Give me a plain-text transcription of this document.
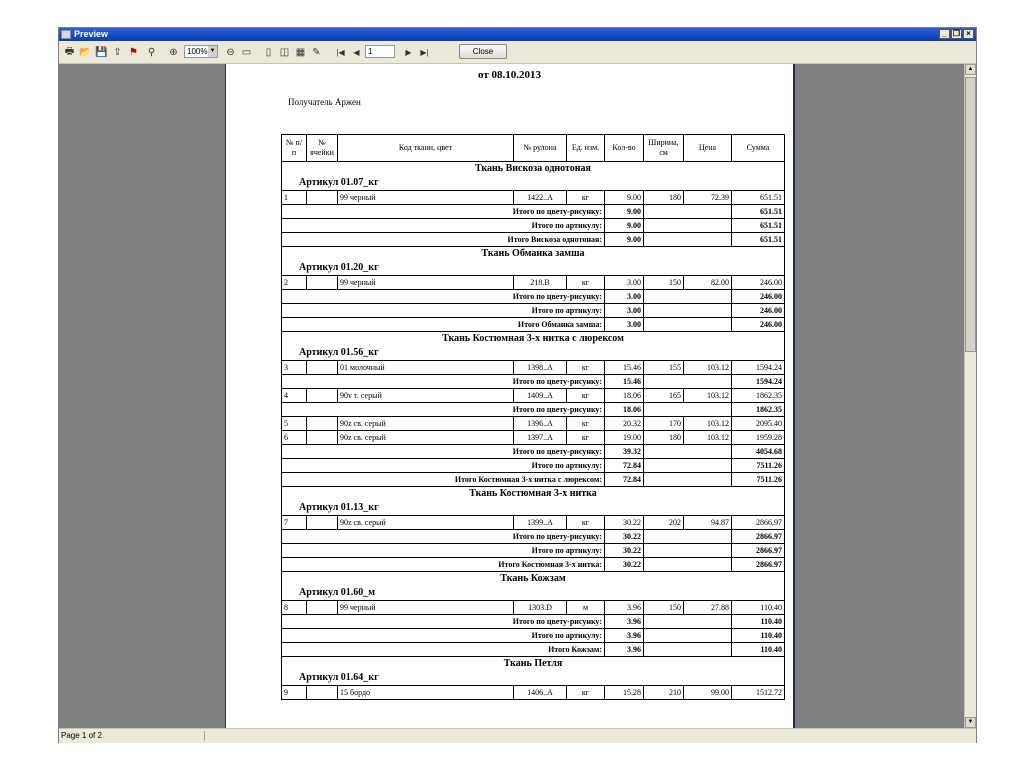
Preview	_ ❐ ×
🖶 📂 💾 ⇪ ⚑ ⚲ ⊕	100% ▼ ⊖ ▭	▯ ◫ ▦ ✎ |◀	◀	1	▶	▶|	Close
от 08.10.2013
Получатель Аржен
№ п/п	№ ячейки	Код ткани, цвет	№ рулона	Ед. изм.	Кол-во	Ширина, см	Цена	Сумма
Ткань Вискоза однотоная								
Артикул 01.07_кг								
1		99 черный	1422..А	кг	9.00	180	72.39	651.51
Итого по цвету-рисунку:					9.00			651.51
Итого по артикулу:					9.00			651.51
Итого Вискоза однотоная:					9.00			651.51
Ткань Обманка замша								
Артикул 01.20_кг								
2		99 черный	218.В	кг	3.00	150	82.00	246.00
Итого по цвету-рисунку:					3.00			246.00
Итого по артикулу:					3.00			246.00
Итого Обманка замша:					3.00			246.00
Ткань Костюмная 3-х нитка с люрексом								
Артикул 01.56_кг								
3		01 молочный	1398..А	кг	15.46	155	103.12	1594.24
Итого по цвету-рисунку:					15.46			1594.24
4		90v т. серый	1409..А	кг	18.06	165	103.12	1862.35
Итого по цвету-рисунку:					18.06			1862.35
5		90z св. серый	1396..А	кг	20.32	170	103.12	2095.40
6		90z св. серый	1397..А	кг	19.00	180	103.12	1959.28
Итого по цвету-рисунку:					39.32			4054.68
Итого по артикулу:					72.84			7511.26
Итого Костюмная 3-х нитка с люрексом:					72.84			7511.26
Ткань Костюмная 3-х нитка								
Артикул 01.13_кг								
7		90z св. серый	1399..А	кг	30.22	202	94.87	2866.97
Итого по цвету-рисунку:					30.22			2866.97
Итого по артикулу:					30.22			2866.97
Итого Костюмная 3-х нитка:					30.22			2866.97
Ткань Кожзам								
Артикул 01.60_м								
8		99 черный	1303.D	м	3.96	150	27.88	110.40
Итого по цвету-рисунку:					3.96			110.40
Итого по артикулу:					3.96			110.40
Итого Кожзам:					3.96			110.40
Ткань Петля								
Артикул 01.64_кг								
9		15 бордо	1406..А	кг	15.28	210	99.00	1512.72
▲
▼
Page 1 of 2
